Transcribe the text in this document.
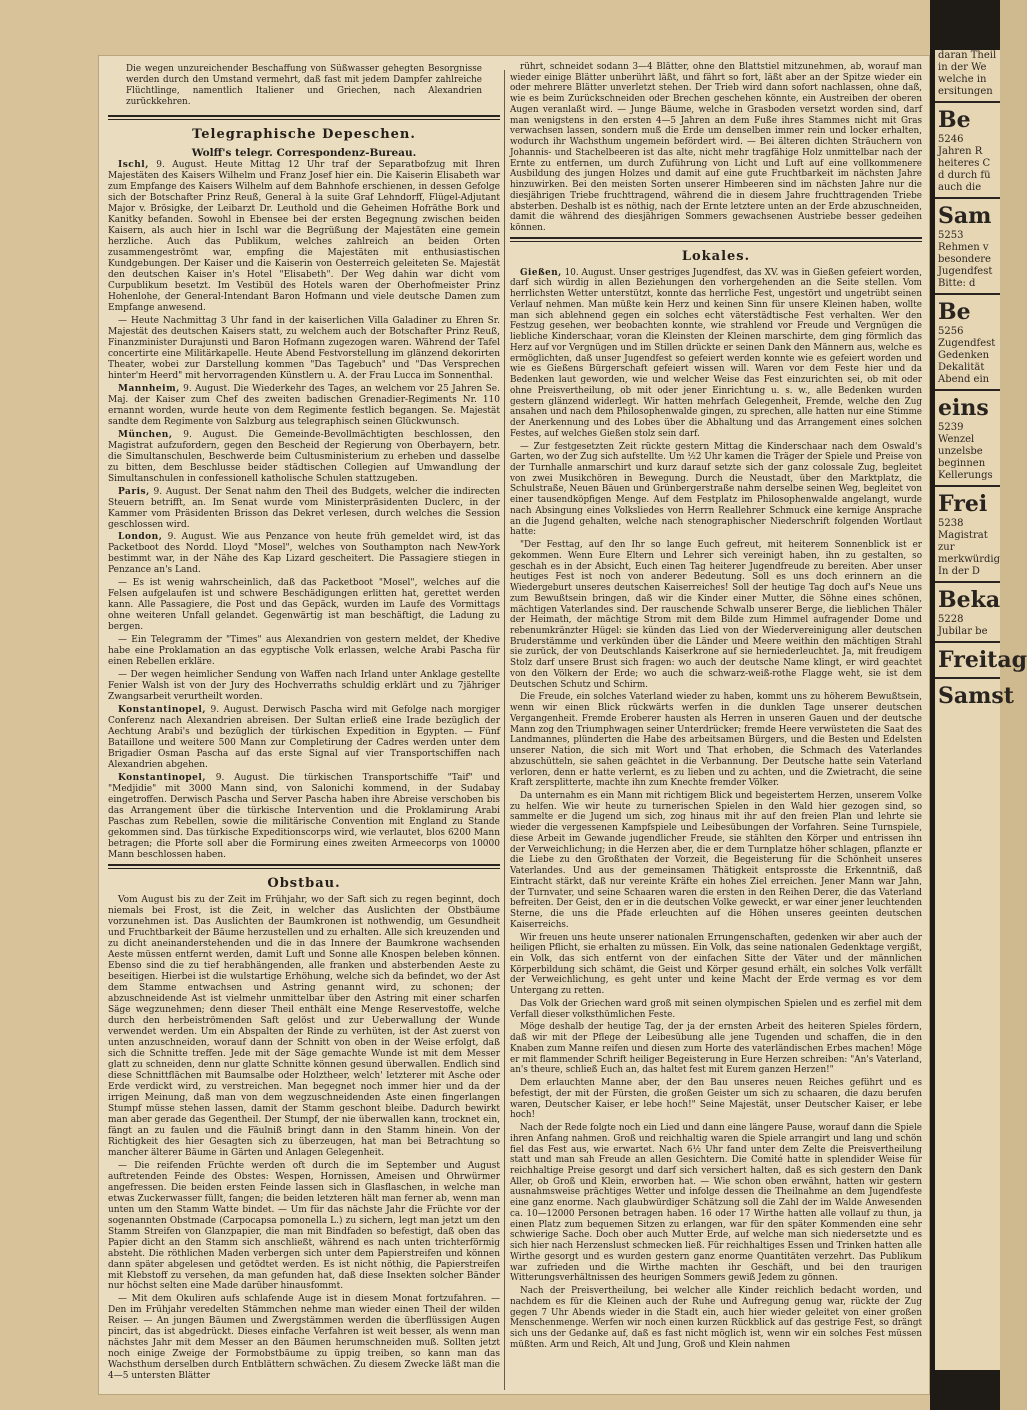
Die wegen unzureichender Beschaffung von Süßwasser gehegten Besorgnisse werden durch den Umstand vermehrt, daß fast mit jedem Dampfer zahlreiche Flüchtlinge, namentlich Italiener und Griechen, nach Alexandrien zurückkehren.

Telegraphische Depeschen.
Wolff's telegr. Correspondenz-Bureau.

Ischl, 9. August. Heute Mittag 12 Uhr traf der Separatbofzug mit Ihren Majestäten des Kaisers Wilhelm und Franz Josef hier ein. Die Kaiserin Elisabeth war zum Empfange des Kaisers Wilhelm auf dem Bahnhofe erschienen, in dessen Gefolge sich der Botschafter Prinz Reuß, General à la suite Graf Lehndorff, Flügel-Adjutant Major v. Brösigke, der Leibarzt Dr. Leuthold und die Geheimen Hofräthe Bork und Kanitky befanden. Sowohl in Ebensee bei der ersten Begegnung zwischen beiden Kaisern, als auch hier in Ischl war die Begrüßung der Majestäten eine gemein herzliche. Auch das Publikum, welches zahlreich an beiden Orten zusammengeströmt war, empfing die Majestäten mit enthusiastischen Kundgebungen. Der Kaiser und die Kaiserin von Oesterreich geleiteten Se. Majestät den deutschen Kaiser in's Hotel "Elisabeth". Der Weg dahin war dicht vom Curpublikum besetzt. Im Vestibül des Hotels waren der Oberhofmeister Prinz Hohenlohe, der General-Intendant Baron Hofmann und viele deutsche Damen zum Empfange anwesend.

— Heute Nachmittag 3 Uhr fand in der kaiserlichen Villa Galadiner zu Ehren Sr. Majestät des deutschen Kaisers statt, zu welchem auch der Botschafter Prinz Reuß, Finanzminister Durajunsti und Baron Hofmann zugezogen waren. Während der Tafel concertirte eine Militärkapelle. Heute Abend Festvorstellung im glänzend dekorirten Theater, wobei zur Darstellung kommen "Das Tagebuch" und "Das Versprechen hinter'm Heerd" mit hervorragenden Künstlern u. A. der Frau Lucca im Sonnenthal.

Mannheim, 9. August. Die Wiederkehr des Tages, an welchem vor 25 Jahren Se. Maj. der Kaiser zum Chef des zweiten badischen Grenadier-Regiments Nr. 110 ernannt worden, wurde heute von dem Regimente festlich begangen. Se. Majestät sandte dem Regimente von Salzburg aus telegraphisch seinen Glückwunsch.

München, 9. August. Die Gemeinde-Bevollmächtigten beschlossen, den Magistrat aufzufordern, gegen den Bescheid der Regierung von Oberbayern, betr. die Simultanschulen, Beschwerde beim Cultusministerium zu erheben und dasselbe zu bitten, dem Beschlusse beider städtischen Collegien auf Umwandlung der Simultanschulen in confessionell katholische Schulen stattzugeben.

Paris, 9. August. Der Senat nahm den Theil des Budgets, welcher die indirecten Steuern betrifft, an. Im Senat wurde vom Ministerpräsidenten Duclerc, in der Kammer vom Präsidenten Brisson das Dekret verlesen, durch welches die Session geschlossen wird.

London, 9. August. Wie aus Penzance von heute früh gemeldet wird, ist das Packetboot des Nordd. Lloyd "Mosel", welches von Southampton nach New-York bestimmt war, in der Nähe des Kap Lizard gescheitert. Die Passagiere stiegen in Penzance an's Land.

— Es ist wenig wahrscheinlich, daß das Packetboot "Mosel", welches auf die Felsen aufgelaufen ist und schwere Beschädigungen erlitten hat, gerettet werden kann. Alle Passagiere, die Post und das Gepäck, wurden im Laufe des Vormittags ohne weiteren Unfall gelandet. Gegenwärtig ist man beschäftigt, die Ladung zu bergen.

— Ein Telegramm der "Times" aus Alexandrien von gestern meldet, der Khedive habe eine Proklamation an das egyptische Volk erlassen, welche Arabi Pascha für einen Rebellen erkläre.

— Der wegen heimlicher Sendung von Waffen nach Irland unter Anklage gestellte Fenier Walsh ist von der Jury des Hochverraths schuldig erklärt und zu 7jähriger Zwangsarbeit verurtheilt worden.

Konstantinopel, 9. August. Derwisch Pascha wird mit Gefolge nach morgiger Conferenz nach Alexandrien abreisen. Der Sultan erließ eine Irade bezüglich der Aechtung Arabi's und bezüglich der türkischen Expedition in Egypten. — Fünf Bataillone und weitere 500 Mann zur Completirung der Cadres werden unter dem Brigadier Osman Pascha auf das erste Signal auf vier Transportschiffen nach Alexandrien abgehen.

Konstantinopel, 9. August. Die türkischen Transportschiffe "Taif" und "Medjidie" mit 3000 Mann sind, von Salonichi kommend, in der Sudabay eingetroffen. Derwisch Pascha und Server Pascha haben ihre Abreise verschoben bis das Arrangement über die türkische Intervention und die Proklamirung Arabi Paschas zum Rebellen, sowie die militärische Convention mit England zu Stande gekommen sind. Das türkische Expeditionscorps wird, wie verlautet, blos 6200 Mann betragen; die Pforte soll aber die Formirung eines zweiten Armeecorps von 10000 Mann beschlossen haben.

Obstbau.

Vom August bis zu der Zeit im Frühjahr, wo der Saft sich zu regen beginnt, doch niemals bei Frost, ist die Zeit, in welcher das Auslichten der Obstbäume vorzunehmen ist. Das Auslichten der Baumkronen ist nothwendig, um Gesundheit und Fruchtbarkeit der Bäume herzustellen und zu erhalten. Alle sich kreuzenden und zu dicht aneinanderstehenden und die in das Innere der Baumkrone wachsenden Aeste müssen entfernt werden, damit Luft und Sonne alle Knospen beleben können. Ebenso sind die zu tief herabhängenden, alle franken und absterbenden Aeste zu beseitigen. Hierbei ist die wulstartige Erhöhung, welche sich da befindet, wo der Ast dem Stamme entwachsen und Astring genannt wird, zu schonen; der abzuschneidende Ast ist vielmehr unmittelbar über den Astring mit einer scharfen Säge wegzunehmen; denn dieser Theil enthält eine Menge Reservestoffe, welche durch den herbeiströmenden Saft gelöst und zur Ueberwallung der Wunde verwendet werden. Um ein Abspalten der Rinde zu verhüten, ist der Ast zuerst von unten anzuschneiden, worauf dann der Schnitt von oben in der Weise erfolgt, daß sich die Schnitte treffen. Jede mit der Säge gemachte Wunde ist mit dem Messer glatt zu schneiden, denn nur glatte Schnitte können gesund überwallen. Endlich sind diese Schnittflächen mit Baumsalbe oder Holztheer, welch' letzterer mit Asche oder Erde verdickt wird, zu verstreichen. Man begegnet noch immer hier und da der irrigen Meinung, daß man von dem wegzuschneidenden Aste einen fingerlangen Stumpf müsse stehen lassen, damit der Stamm geschont bleibe. Dadurch bewirkt man aber gerade das Gegentheil. Der Stumpf, der nie überwallen kann, trocknet ein, fängt an zu faulen und die Fäulniß bringt dann in den Stamm hinein. Von der Richtigkeit des hier Gesagten sich zu überzeugen, hat man bei Betrachtung so mancher älterer Bäume in Gärten und Anlagen Gelegenheit.

— Die reifenden Früchte werden oft durch die im September und August auftretenden Feinde des Obstes: Wespen, Hornissen, Ameisen und Ohrwürmer angefressen. Die beiden ersten Feinde lassen sich in Glasflaschen, in welche man etwas Zuckerwasser füllt, fangen; die beiden letzteren hält man ferner ab, wenn man unten um den Stamm Watte bindet. — Um für das nächste Jahr die Früchte vor der sogenannten Obstmade (Carpocapsa pomonella L.) zu sichern, legt man jetzt um den Stamm Streifen von Glanzpapier, die man mit Bindfaden so befestigt, daß oben das Papier dicht an den Stamm sich anschließt, während es nach unten trichterförmig absteht. Die röthlichen Maden verbergen sich unter dem Papierstreifen und können dann später abgelesen und getödtet werden. Es ist nicht nöthig, die Papierstreifen mit Klebstoff zu versehen, da man gefunden hat, daß diese Insekten solcher Bänder nur höchst selten eine Made darüber hinausfommt.

— Mit dem Okuliren aufs schlafende Auge ist in diesem Monat fortzufahren. — Den im Frühjahr veredelten Stämmchen nehme man wieder einen Theil der wilden Reiser. — An jungen Bäumen und Zwergstämmen werden die überflüssigen Augen pincirt, das ist abgedrückt. Dieses einfache Verfahren ist weit besser, als wenn man nächstes Jahr mit dem Messer an den Bäumen herumschneiden muß. Sollten jetzt noch einige Zweige der Formobstbäume zu üppig treiben, so kann man das Wachsthum derselben durch Entblättern schwächen. Zu diesem Zwecke läßt man die 4—5 untersten Blätter

rührt, schneidet sodann 3—4 Blätter, ohne den Blattstiel mitzunehmen, ab, worauf man wieder einige Blätter unberührt läßt, und fährt so fort, läßt aber an der Spitze wieder ein oder mehrere Blätter unverletzt stehen. Der Trieb wird dann sofort nachlassen, ohne daß, wie es beim Zurückschneiden oder Brechen geschehen könnte, ein Austreiben der oberen Augen veranlaßt wird. — Junge Bäume, welche in Grasboden versetzt worden sind, darf man wenigstens in den ersten 4—5 Jahren an dem Fuße ihres Stammes nicht mit Gras verwachsen lassen, sondern muß die Erde um denselben immer rein und locker erhalten, wodurch ihr Wachsthum ungemein befördert wird. — Bei älteren dichten Sträuchern von Johannis- und Stachelbeeren ist das alte, nicht mehr tragfähige Holz unmittelbar nach der Ernte zu entfernen, um durch Zuführung von Licht und Luft auf eine vollkommenere Ausbildung des jungen Holzes und damit auf eine gute Fruchtbarkeit im nächsten Jahre hinzuwirken. Bei den meisten Sorten unserer Himbeeren sind im nächsten Jahre nur die diesjährigen Triebe fruchttragend, während die in diesem Jahre fruchttragenden Triebe absterben. Deshalb ist es nöthig, nach der Ernte letztere unten an der Erde abzuschneiden, damit die während des diesjährigen Sommers gewachsenen Austriebe besser gedeihen können.

Lokales.

Gießen, 10. August. Unser gestriges Jugendfest, das XV. was in Gießen gefeiert worden, darf sich würdig in allen Beziehungen den vorhergehenden an die Seite stellen. Vom herrlichsten Wetter unterstützt, konnte das herrliche Fest, ungestört und ungetrübt seinen Verlauf nehmen. Man müßte kein Herz und keinen Sinn für unsere Kleinen haben, wollte man sich ablehnend gegen ein solches echt väterstädtische Fest verhalten. Wer den Festzug gesehen, wer beobachten konnte, wie strahlend vor Freude und Vergnügen die liebliche Kinderschaar, voran die Kleinsten der Kleinen marschirte, dem ging förmlich das Herz auf vor Vergnügen und im Stillen drückte er seinen Dank den Männern aus, welche es ermöglichten, daß unser Jugendfest so gefeiert werden konnte wie es gefeiert worden und wie es Gießens Bürgerschaft gefeiert wissen will. Waren vor dem Feste hier und da Bedenken laut geworden, wie und welcher Weise das Fest einzurichten sei, ob mit oder ohne Preisvertheilung, ob mit oder jener Einrichtung u. s. w., alle Bedenken wurden gestern glänzend widerlegt. Wir hatten mehrfach Gelegenheit, Fremde, welche den Zug ansahen und nach dem Philosophenwalde gingen, zu sprechen, alle hatten nur eine Stimme der Anerkennung und des Lobes über die Abhaltung und das Arrangement eines solchen Festes, auf welches Gießen stolz sein darf.

— Zur festgesetzten Zeit rückte gestern Mittag die Kinderschaar nach dem Oswald's Garten, wo der Zug sich aufstellte. Um ½2 Uhr kamen die Träger der Spiele und Preise von der Turnhalle anmarschirt und kurz darauf setzte sich der ganz colossale Zug, begleitet von zwei Musikchören in Bewegung. Durch die Neustadt, über den Marktplatz, die Schulstraße, Neuen Bäuen und Grünbergerstraße nahm derselbe seinen Weg, begleitet von einer tausendköpfigen Menge. Auf dem Festplatz im Philosophenwalde angelangt, wurde nach Absingung eines Volksliedes von Herrn Reallehrer Schmuck eine kernige Ansprache an die Jugend gehalten, welche nach stenographischer Niederschrift folgenden Wortlaut hatte:

"Der Festtag, auf den Ihr so lange Euch gefreut, mit heiterem Sonnenblick ist er gekommen. Wenn Eure Eltern und Lehrer sich vereinigt haben, ihn zu gestalten, so geschah es in der Absicht, Euch einen Tag heiterer Jugendfreude zu bereiten. Aber unser heutiges Fest ist noch von anderer Bedeutung. Soll es uns doch erinnern an die Wiedergeburt unseres deutschen Kaiserreiches! Soll der heutige Tag doch auf's Neue uns zum Bewußtsein bringen, daß wir die Kinder einer Mutter, die Söhne eines schönen, mächtigen Vaterlandes sind. Der rauschende Schwalb unserer Berge, die lieblichen Thäler der Heimath, der mächtige Strom mit dem Bilde zum Himmel aufragender Dome und rebenumkränzter Hügel: sie künden das Lied von der Wiedervereinigung aller deutschen Bruderstämme und verkünden über die Länder und Meere weithin den mächtigen Strahl sie zurück, der von Deutschlands Kaiserkrone auf sie herniederleuchtet. Ja, mit freudigem Stolz darf unsere Brust sich fragen: wo auch der deutsche Name klingt, er wird geachtet von den Völkern der Erde; wo auch die schwarz-weiß-rothe Flagge weht, sie ist dem Deutschen Schutz und Schirm.

Die Freude, ein solches Vaterland wieder zu haben, kommt uns zu höherem Bewußtsein, wenn wir einen Blick rückwärts werfen in die dunklen Tage unserer deutschen Vergangenheit. Fremde Eroberer hausten als Herren in unseren Gauen und der deutsche Mann zog den Triumphwagen seiner Unterdrücker; fremde Heere verwüsteten die Saat des Landmannes, plünderten die Habe des arbeitsamen Bürgers, und die Besten und Edelsten unserer Nation, die sich mit Wort und That erhoben, die Schmach des Vaterlandes abzuschütteln, sie sahen geächtet in die Verbannung. Der Deutsche hatte sein Vaterland verloren, denn er hatte verlernt, es zu lieben und zu achten, und die Zwietracht, die seine Kraft zersplitterte, machte ihn zum Knechte fremder Völker.

Da unternahm es ein Mann mit richtigem Blick und begeistertem Herzen, unserem Volke zu helfen. Wie wir heute zu turnerischen Spielen in den Wald hier gezogen sind, so sammelte er die Jugend um sich, zog hinaus mit ihr auf den freien Plan und lehrte sie wieder die vergessenen Kampfspiele und Leibesübungen der Vorfahren. Seine Turnspiele, diese Arbeit im Gewande jugendlicher Freude, sie stählten den Körper und entrissen ihn der Verweichlichung; in die Herzen aber, die er dem Turnplatze höher schlagen, pflanzte er die Liebe zu den Großthaten der Vorzeit, die Begeisterung für die Schönheit unseres Vaterlandes. Und aus der gemeinsamen Thätigkeit entsprosste die Erkenntniß, daß Eintracht stärkt, daß nur vereinte Kräfte ein hohes Ziel erreichen. Jener Mann war Jahn, der Turnvater, und seine Schaaren waren die ersten in den Reihen Derer, die das Vaterland befreiten. Der Geist, den er in die deutschen Volke geweckt, er war einer jener leuchtenden Sterne, die uns die Pfade erleuchten auf die Höhen unseres geeinten deutschen Kaiserreichs.

Wir freuen uns heute unserer nationalen Errungenschaften, gedenken wir aber auch der heiligen Pflicht, sie erhalten zu müssen. Ein Volk, das seine nationalen Gedenktage vergißt, ein Volk, das sich entfernt von der einfachen Sitte der Väter und der männlichen Körperbildung sich schämt, die Geist und Körper gesund erhält, ein solches Volk verfällt der Verweichlichung, es geht unter und keine Macht der Erde vermag es vor dem Untergang zu retten.

Das Volk der Griechen ward groß mit seinen olympischen Spielen und es zerfiel mit dem Verfall dieser volksthümlichen Feste.

Möge deshalb der heutige Tag, der ja der ernsten Arbeit des heiteren Spieles fördern, daß wir mit der Pflege der Leibesübung alle jene Tugenden und schaffen, die in den Knaben zum Manne reifen und diesen zum Horte des vaterländischen Erbes machen! Möge er mit flammender Schrift heiliger Begeisterung in Eure Herzen schreiben: "An's Vaterland, an's theure, schließ Euch an, das haltet fest mit Eurem ganzen Herzen!"

Dem erlauchten Manne aber, der den Bau unseres neuen Reiches geführt und es befestigt, der mit der Fürsten, die großen Geister um sich zu schaaren, die dazu berufen waren, Deutscher Kaiser, er lebe hoch!" Seine Majestät, unser Deutscher Kaiser, er lebe hoch!

Nach der Rede folgte noch ein Lied und dann eine längere Pause, worauf dann die Spiele ihren Anfang nahmen. Groß und reichhaltig waren die Spiele arrangirt und lang und schön fiel das Fest aus, wie erwartet. Nach 6½ Uhr fand unter dem Zelte die Preisvertheilung statt und man sah Freude an allen Gesichtern. Die Comité hatte in splendider Weise für reichhaltige Preise gesorgt und darf sich versichert halten, daß es sich gestern den Dank Aller, ob Groß und Klein, erworben hat. — Wie schon oben erwähnt, hatten wir gestern ausnahmsweise prächtiges Wetter und infolge dessen die Theilnahme an dem Jugendfeste eine ganz enorme. Nach glaubwürdiger Schätzung soll die Zahl der im Walde Anwesenden ca. 10—12000 Personen betragen haben. 16 oder 17 Wirthe hatten alle vollauf zu thun, ja einen Platz zum bequemen Sitzen zu erlangen, war für den später Kommenden eine sehr schwierige Sache. Doch ober auch Mutter Erde, auf welche man sich niedersetzte und es sich hier nach Herzenslust schmecken ließ. Für reichhaltiges Essen und Trinken hatten alle Wirthe gesorgt und es wurden gestern ganz enorme Quantitäten verzehrt. Das Publikum war zufrieden und die Wirthe machten ihr Geschäft, und bei den traurigen Witterungsverhältnissen des heurigen Sommers gewiß Jedem zu gönnen.

Nach der Preisvertheilung, bei welcher alle Kinder reichlich bedacht worden, und nachdem es für die Kleinen auch der Ruhe und Aufregung genug war, rückte der Zug gegen 7 Uhr Abends wieder in die Stadt ein, auch hier wieder geleitet von einer großen Menschenmenge. Werfen wir noch einen kurzen Rückblick auf das gestrige Fest, so drängt sich uns der Gedanke auf, daß es fast nicht möglich ist, wenn wir ein solches Fest müssen müßten. Arm und Reich, Alt und Jung, Groß und Klein nahmen

daran Theil
in der We
welche in
ersitungen
Be
5246
Jahren R
heiteres C
d durch fü
auch die
Sam
5253
Rehmen v
besondere
Jugendfest
Bitte: d
Be
5256
Zugendfest
Gedenken
Dekalität
Abend ein
eins
5239
Wenzel
unzelsbe
beginnen
Kellerungs
Frei
5238
Magistrat
zur
merkwürdig
In der D
Beka
5228
Jubilar be
Freitag
Samst
